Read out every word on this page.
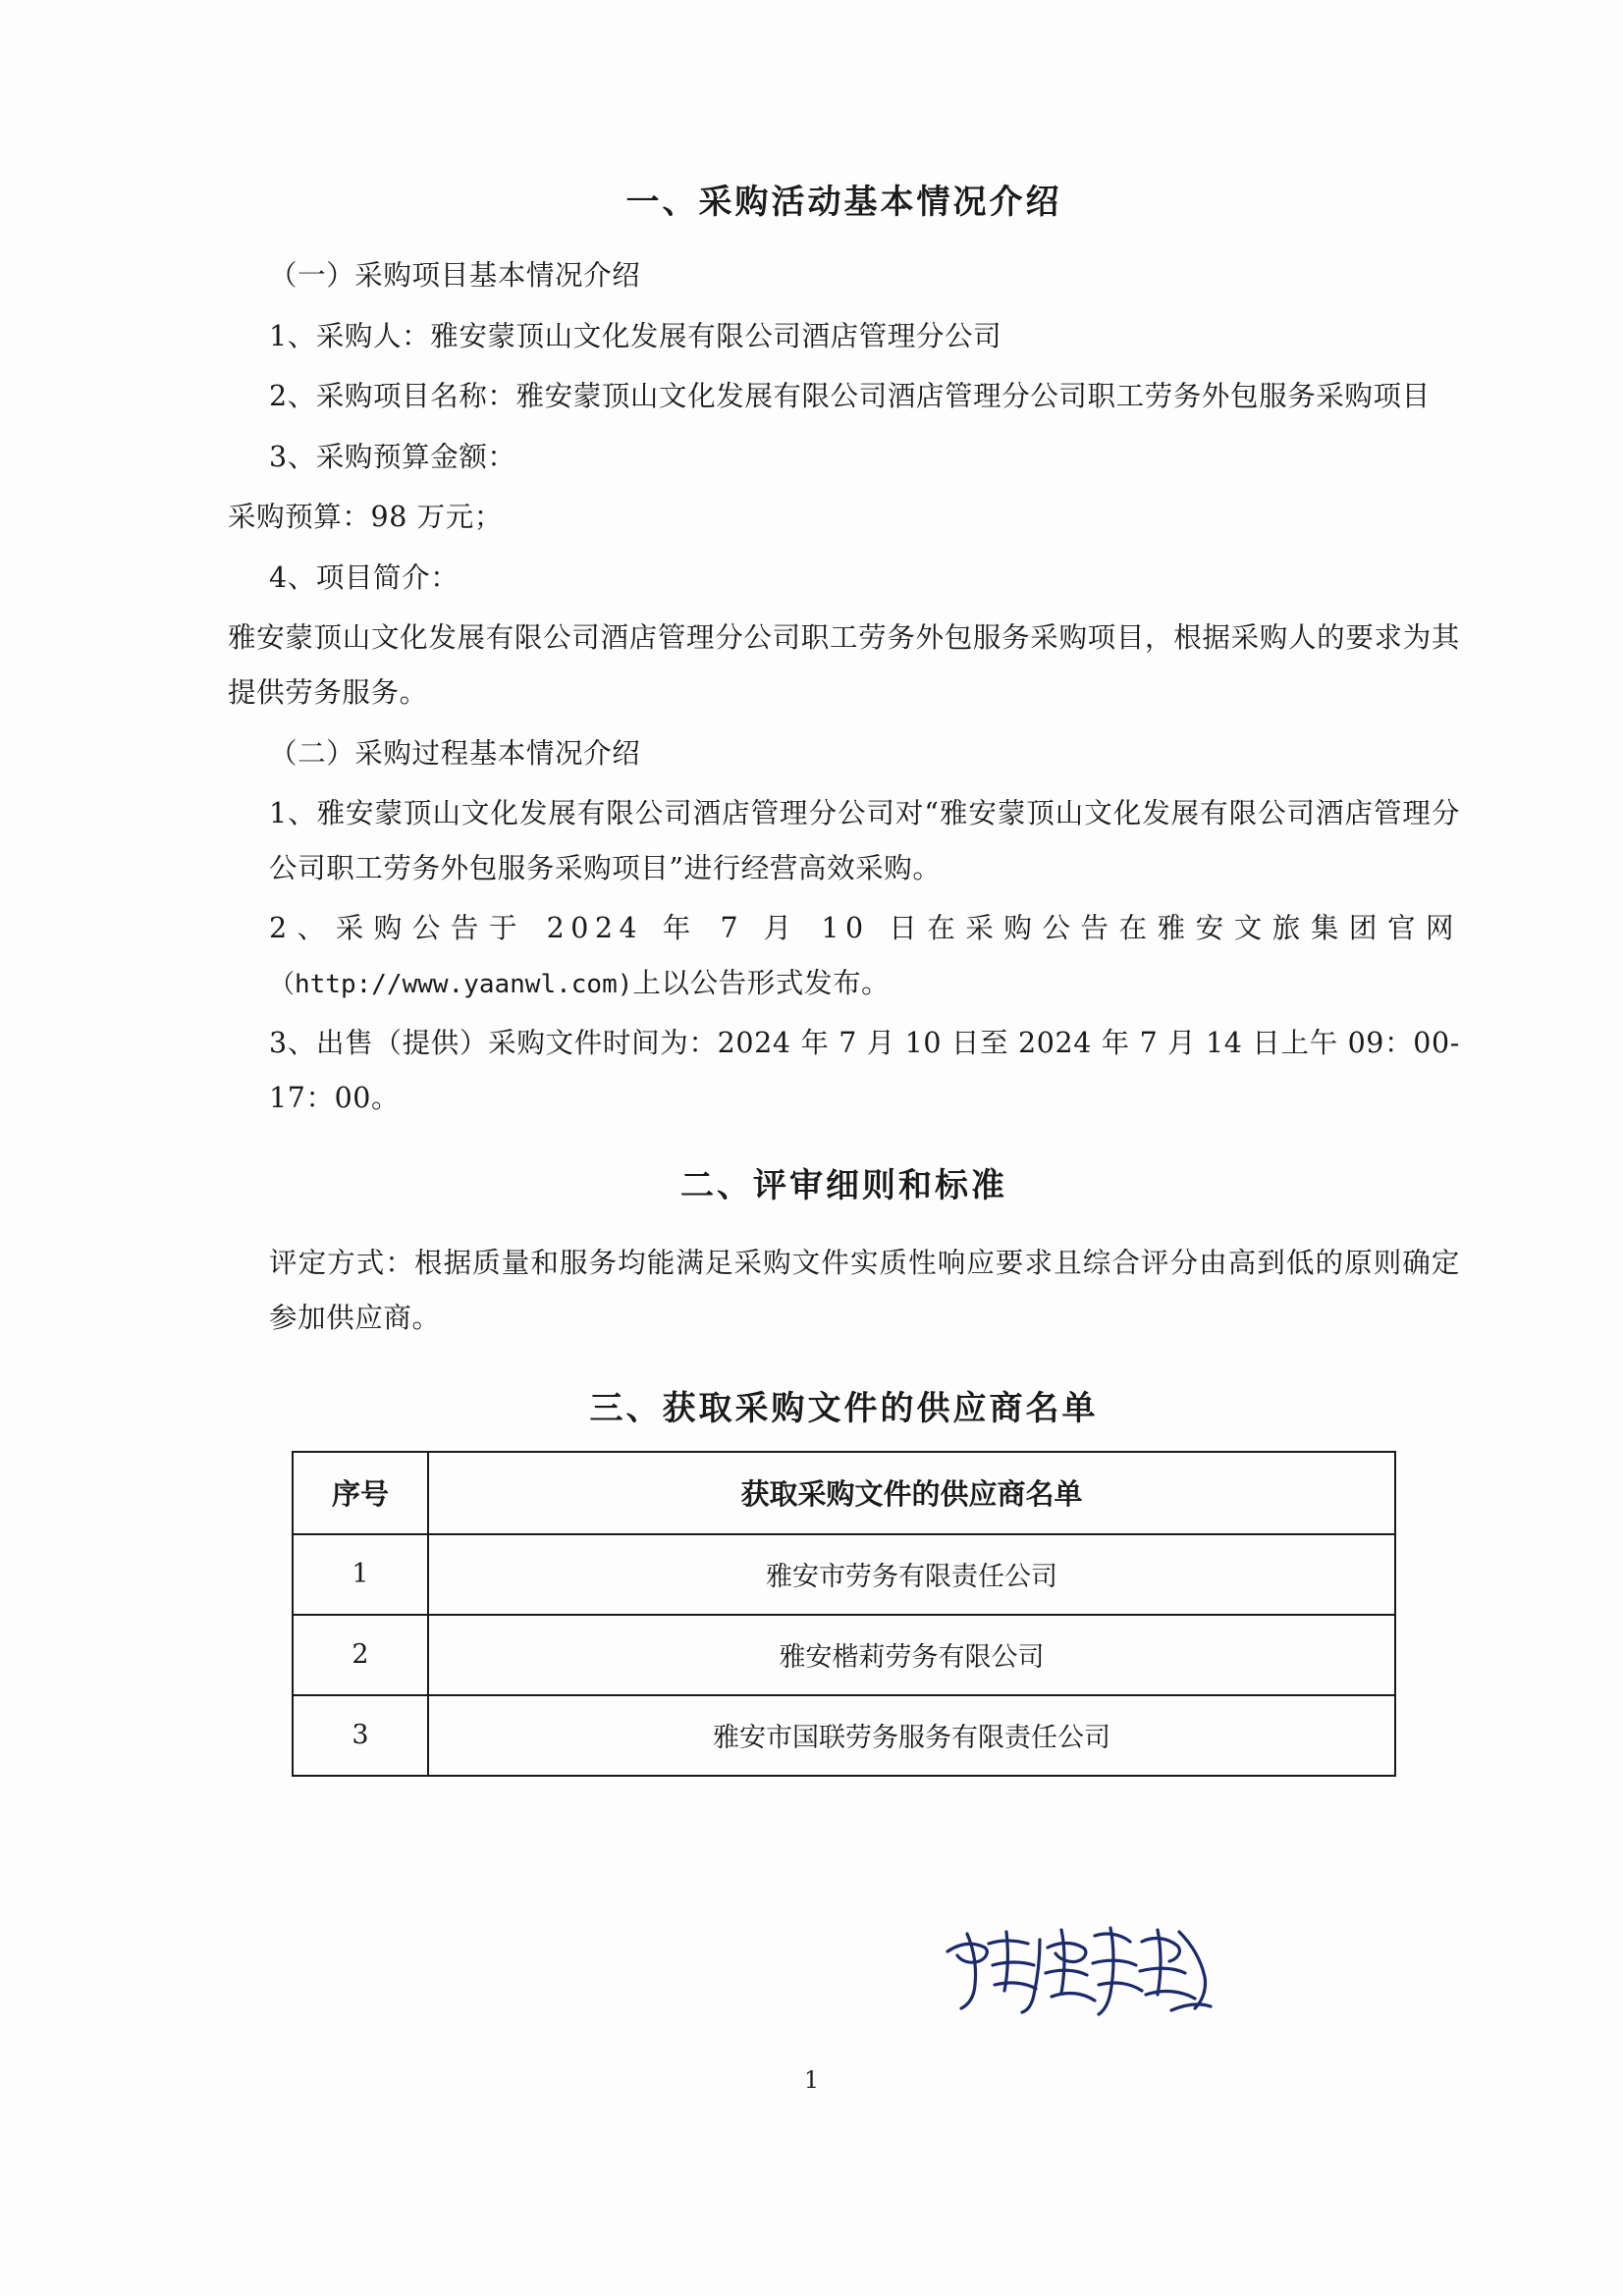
一、采购活动基本情况介绍

（一）采购项目基本情况介绍

1、采购人：雅安蒙顶山文化发展有限公司酒店管理分公司

2、采购项目名称：雅安蒙顶山文化发展有限公司酒店管理分公司职工劳务外包服务采购项目

3、采购预算金额：

采购预算：98 万元；

4、项目简介：

雅安蒙顶山文化发展有限公司酒店管理分公司职工劳务外包服务采购项目，根据采购人的要求为其提供劳务服务。

（二）采购过程基本情况介绍

1、雅安蒙顶山文化发展有限公司酒店管理分公司对“雅安蒙顶山文化发展有限公司酒店管理分公司职工劳务外包服务采购项目”进行经营高效采购。

2、采购公告于 2024 年 7 月 10 日在采购公告在雅安文旅集团官网 （http://www.yaanwl.com)上以公告形式发布。

3、出售（提供）采购文件时间为：2024 年 7 月 10 日至 2024 年 7 月 14 日上午 09：00-17：00。

二、评审细则和标准

评定方式：根据质量和服务均能满足采购文件实质性响应要求且综合评分由高到低的原则确定参加供应商。

三、获取采购文件的供应商名单
序号	获取采购文件的供应商名单
1	雅安市劳务有限责任公司
2	雅安楷莉劳务有限公司
3	雅安市国联劳务服务有限责任公司
1
